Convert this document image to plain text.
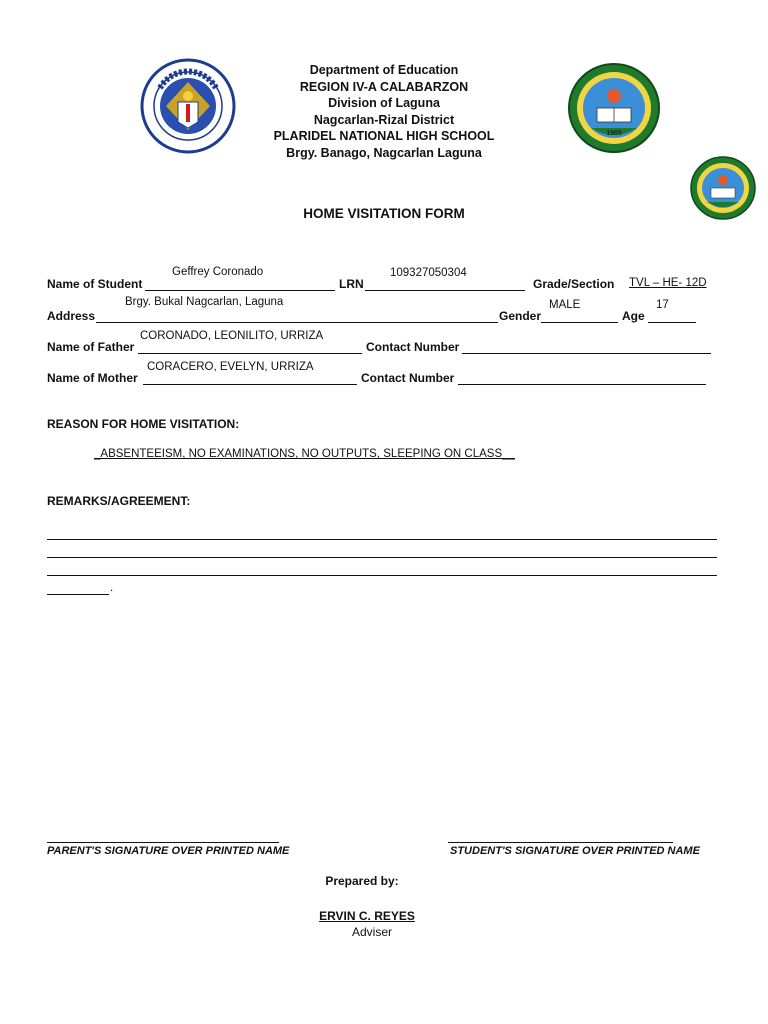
1969
Department of Education
REGION IV-A CALABARZON
Division of Laguna
Nagcarlan-Rizal District
PLARIDEL NATIONAL HIGH SCHOOL
Brgy. Banago, Nagcarlan Laguna
HOME VISITATION FORM
Name of Student
Geffrey Coronado
LRN
109327050304
Grade/Section TVL – HE- 12D
Address
Brgy. Bukal Nagcarlan, Laguna
Gender
MALE
Age
17
Name of Father
CORONADO, LEONILITO, URRIZA
Contact Number
Name of Mother
CORACERO, EVELYN, URRIZA
Contact Number
REASON FOR HOME VISITATION:
_ABSENTEEISM, NO EXAMINATIONS, NO OUTPUTS, SLEEPING ON CLASS__
REMARKS/AGREEMENT:
.
PARENT'S SIGNATURE OVER PRINTED NAME	STUDENT'S SIGNATURE OVER PRINTED NAME
Prepared by:
ERVIN C. REYES
Adviser
